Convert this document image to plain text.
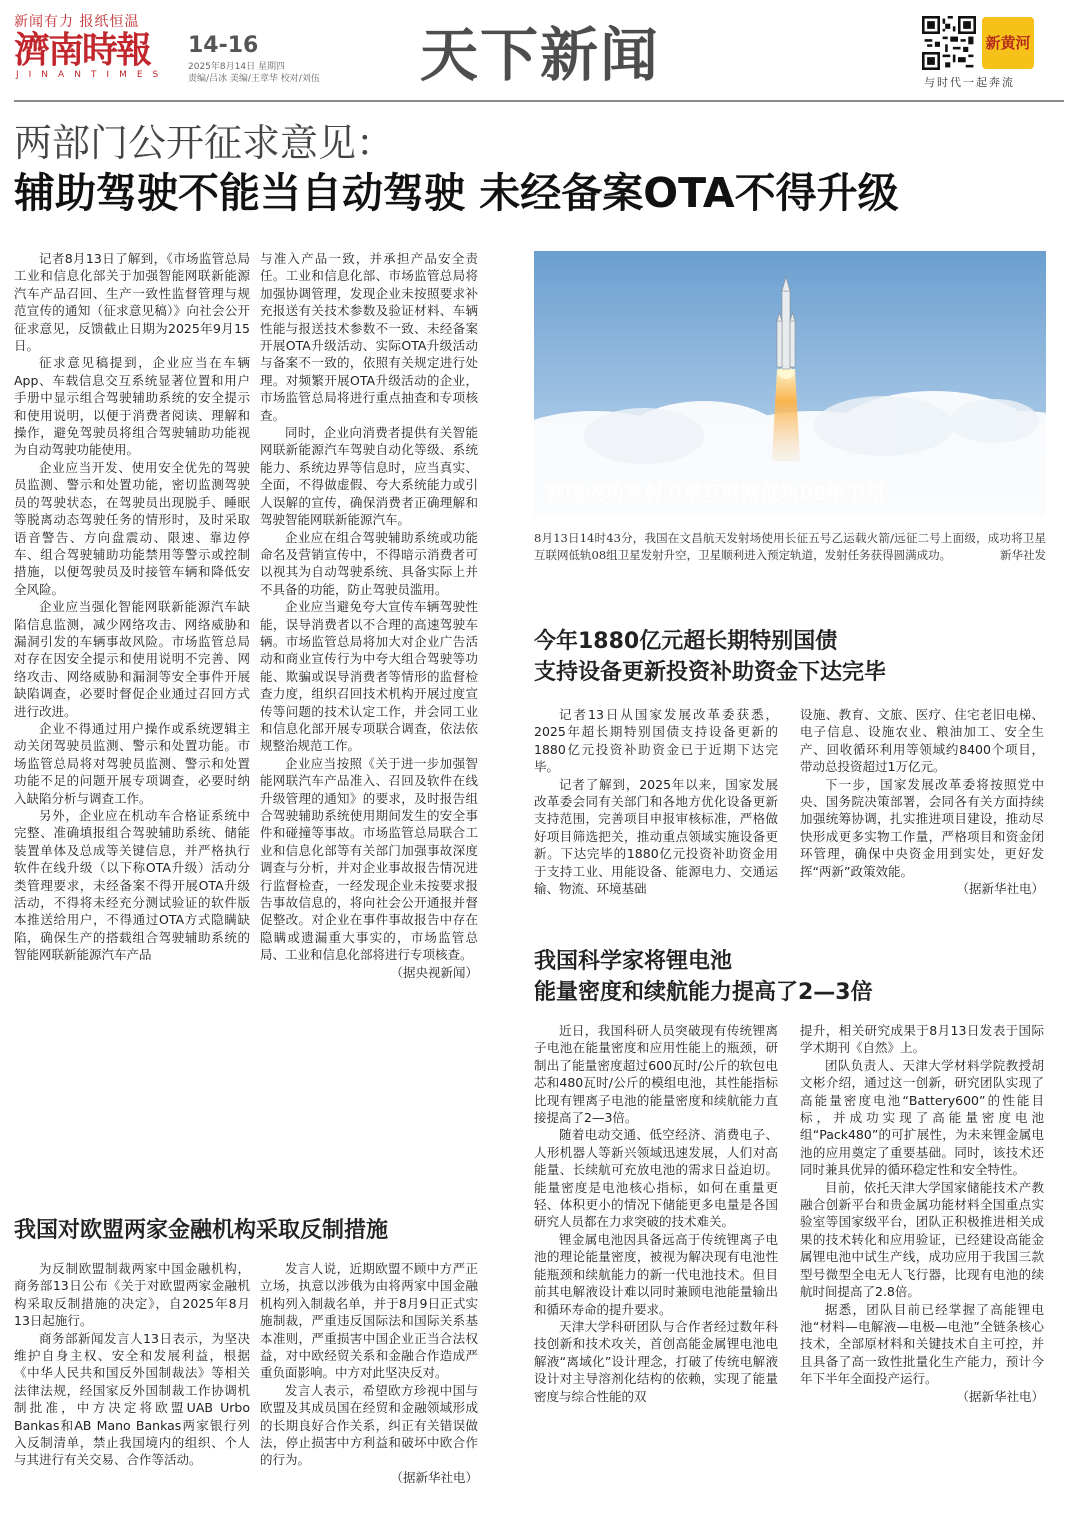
新闻有力 报纸恒温
濟南時報
JINANTIMES
14-16
2025年8月14日 星期四
责编/吕冰 美编/王章华 校对/刘伍 天下新闻	新黄河
与时代一起奔流
两部门公开征求意见：
辅助驾驶不能当自动驾驶 未经备案OTA不得升级

记者8月13日了解到，《市场监管总局　工业和信息化部关于加强智能网联新能源汽车产品召回、生产一致性监督管理与规范宣传的通知（征求意见稿）》向社会公开征求意见，反馈截止日期为2025年9月15日。

征求意见稿提到，企业应当在车辆App、车载信息交互系统显著位置和用户手册中显示组合驾驶辅助系统的安全提示和使用说明，以便于消费者阅读、理解和操作，避免驾驶员将组合驾驶辅助功能视为自动驾驶功能使用。

企业应当开发、使用安全优先的驾驶员监测、警示和处置功能，密切监测驾驶员的驾驶状态，在驾驶员出现脱手、睡眠等脱离动态驾驶任务的情形时，及时采取语音警告、方向盘震动、限速、靠边停车、组合驾驶辅助功能禁用等警示或控制措施，以便驾驶员及时接管车辆和降低安全风险。

企业应当强化智能网联新能源汽车缺陷信息监测，减少网络攻击、网络威胁和漏洞引发的车辆事故风险。市场监管总局对存在因安全提示和使用说明不完善、网络攻击、网络威胁和漏洞等安全事件开展缺陷调查，必要时督促企业通过召回方式进行改进。

企业不得通过用户操作或系统逻辑主动关闭驾驶员监测、警示和处置功能。市场监管总局将对驾驶员监测、警示和处置功能不足的问题开展专项调查，必要时纳入缺陷分析与调查工作。

另外，企业应在机动车合格证系统中完整、准确填报组合驾驶辅助系统、储能装置单体及总成等关键信息，并严格执行软件在线升级（以下称OTA升级）活动分类管理要求，未经备案不得开展OTA升级活动，不得将未经充分测试验证的软件版本推送给用户，不得通过OTA方式隐瞒缺陷，确保生产的搭载组合驾驶辅助系统的智能网联新能源汽车产品

与准入产品一致，并承担产品安全责任。工业和信息化部、市场监管总局将加强协调管理，发现企业未按照要求补充报送有关技术参数及验证材料、车辆性能与报送技术参数不一致、未经备案开展OTA升级活动、实际OTA升级活动与备案不一致的，依照有关规定进行处理。对频繁开展OTA升级活动的企业，市场监管总局将进行重点抽查和专项核查。

同时，企业向消费者提供有关智能网联新能源汽车驾驶自动化等级、系统能力、系统边界等信息时，应当真实、全面，不得做虚假、夸大系统能力或引人误解的宣传，确保消费者正确理解和驾驶智能网联新能源汽车。

企业应在组合驾驶辅助系统或功能命名及营销宣传中，不得暗示消费者可以视其为自动驾驶系统、具备实际上并不具备的功能，防止驾驶员滥用。

企业应当避免夸大宣传车辆驾驶性能，误导消费者以不合理的高速驾驶车辆。市场监管总局将加大对企业广告活动和商业宣传行为中夸大组合驾驶等功能、欺骗或误导消费者等情形的监督检查力度，组织召回技术机构开展过度宣传等问题的技术认定工作，并会同工业和信息化部开展专项联合调查，依法依规整治规范工作。

企业应当按照《关于进一步加强智能网联汽车产品准入、召回及软件在线升级管理的通知》的要求，及时报告组合驾驶辅助系统使用期间发生的安全事件和碰撞等事故。市场监管总局联合工业和信息化部等有关部门加强事故深度调查与分析，并对企业事故报告情况进行监督检查，一经发现企业未按要求报告事故信息的，将向社会公开通报并督促整改。对企业在事件事故报告中存在隐瞒或遗漏重大事实的，市场监管总局、工业和信息化部将进行专项核查。

（据央视新闻）

我国成功发射卫星互联网低轨08组卫星
8月13日14时43分，我国在文昌航天发射场使用长征五号乙运载火箭/远征二号上面级，成功将卫星互联网低轨08组卫星发射升空，卫星顺利进入预定轨道，发射任务获得圆满成功。	新华社发
今年1880亿元超长期特别国债
支持设备更新投资补助资金下达完毕

记者13日从国家发展改革委获悉，2025年超长期特别国债支持设备更新的1880亿元投资补助资金已于近期下达完毕。

记者了解到，2025年以来，国家发展改革委会同有关部门和各地方优化设备更新支持范围，完善项目申报审核标准，严格做好项目筛选把关，推动重点领域实施设备更新。下达完毕的1880亿元投资补助资金用于支持工业、用能设备、能源电力、交通运输、物流、环境基础

设施、教育、文旅、医疗、住宅老旧电梯、电子信息、设施农业、粮油加工、安全生产、回收循环利用等领域约8400个项目，带动总投资超过1万亿元。

下一步，国家发展改革委将按照党中央、国务院决策部署，会同各有关方面持续加强统筹协调，扎实推进项目建设，推动尽快形成更多实物工作量，严格项目和资金闭环管理，确保中央资金用到实处，更好发挥“两新”政策效能。

（据新华社电）

我国科学家将锂电池
能量密度和续航能力提高了2—3倍

近日，我国科研人员突破现有传统锂离子电池在能量密度和应用性能上的瓶颈，研制出了能量密度超过600瓦时/公斤的软包电芯和480瓦时/公斤的模组电池，其性能指标比现有锂离子电池的能量密度和续航能力直接提高了2—3倍。

随着电动交通、低空经济、消费电子、人形机器人等新兴领域迅速发展，人们对高能量、长续航可充放电池的需求日益迫切。能量密度是电池核心指标，如何在重量更轻、体积更小的情况下储能更多电量是各国研究人员都在力求突破的技术难关。

锂金属电池因具备远高于传统锂离子电池的理论能量密度，被视为解决现有电池性能瓶颈和续航能力的新一代电池技术。但目前其电解液设计难以同时兼顾电池能量输出和循环寿命的提升要求。

天津大学科研团队与合作者经过数年科技创新和技术攻关，首创高能金属锂电池电解液“离域化”设计理念，打破了传统电解液设计对主导溶剂化结构的依赖，实现了能量密度与综合性能的双

提升，相关研究成果于8月13日发表于国际学术期刊《自然》上。

团队负责人、天津大学材料学院教授胡文彬介绍，通过这一创新，研究团队实现了高能量密度电池“Battery600”的性能目标，并成功实现了高能量密度电池组“Pack480”的可扩展性，为未来锂金属电池的应用奠定了重要基础。同时，该技术还同时兼具优异的循环稳定性和安全特性。

目前，依托天津大学国家储能技术产教融合创新平台和贵金属功能材料全国重点实验室等国家级平台，团队正积极推进相关成果的技术转化和应用验证，已经建设高能金属锂电池中试生产线，成功应用于我国三款型号微型全电无人飞行器，比现有电池的续航时间提高了2.8倍。

据悉，团队目前已经掌握了高能锂电池“材料—电解液—电极—电池”全链条核心技术，全部原材料和关键技术自主可控，并且具备了高一致性批量化生产能力，预计今年下半年全面投产运行。

（据新华社电）

我国对欧盟两家金融机构采取反制措施

为反制欧盟制裁两家中国金融机构，商务部13日公布《关于对欧盟两家金融机构采取反制措施的决定》，自2025年8月13日起施行。

商务部新闻发言人13日表示，为坚决维护自身主权、安全和发展利益，根据《中华人民共和国反外国制裁法》等相关法律法规，经国家反外国制裁工作协调机制批准，中方决定将欧盟UAB Urbo Bankas和AB Mano Bankas两家银行列入反制清单，禁止我国境内的组织、个人与其进行有关交易、合作等活动。

发言人说，近期欧盟不顾中方严正立场，执意以涉俄为由将两家中国金融机构列入制裁名单，并于8月9日正式实施制裁，严重违反国际法和国际关系基本准则，严重损害中国企业正当合法权益，对中欧经贸关系和金融合作造成严重负面影响。中方对此坚决反对。

发言人表示，希望欧方珍视中国与欧盟及其成员国在经贸和金融领域形成的长期良好合作关系，纠正有关错误做法，停止损害中方利益和破坏中欧合作的行为。

（据新华社电）
